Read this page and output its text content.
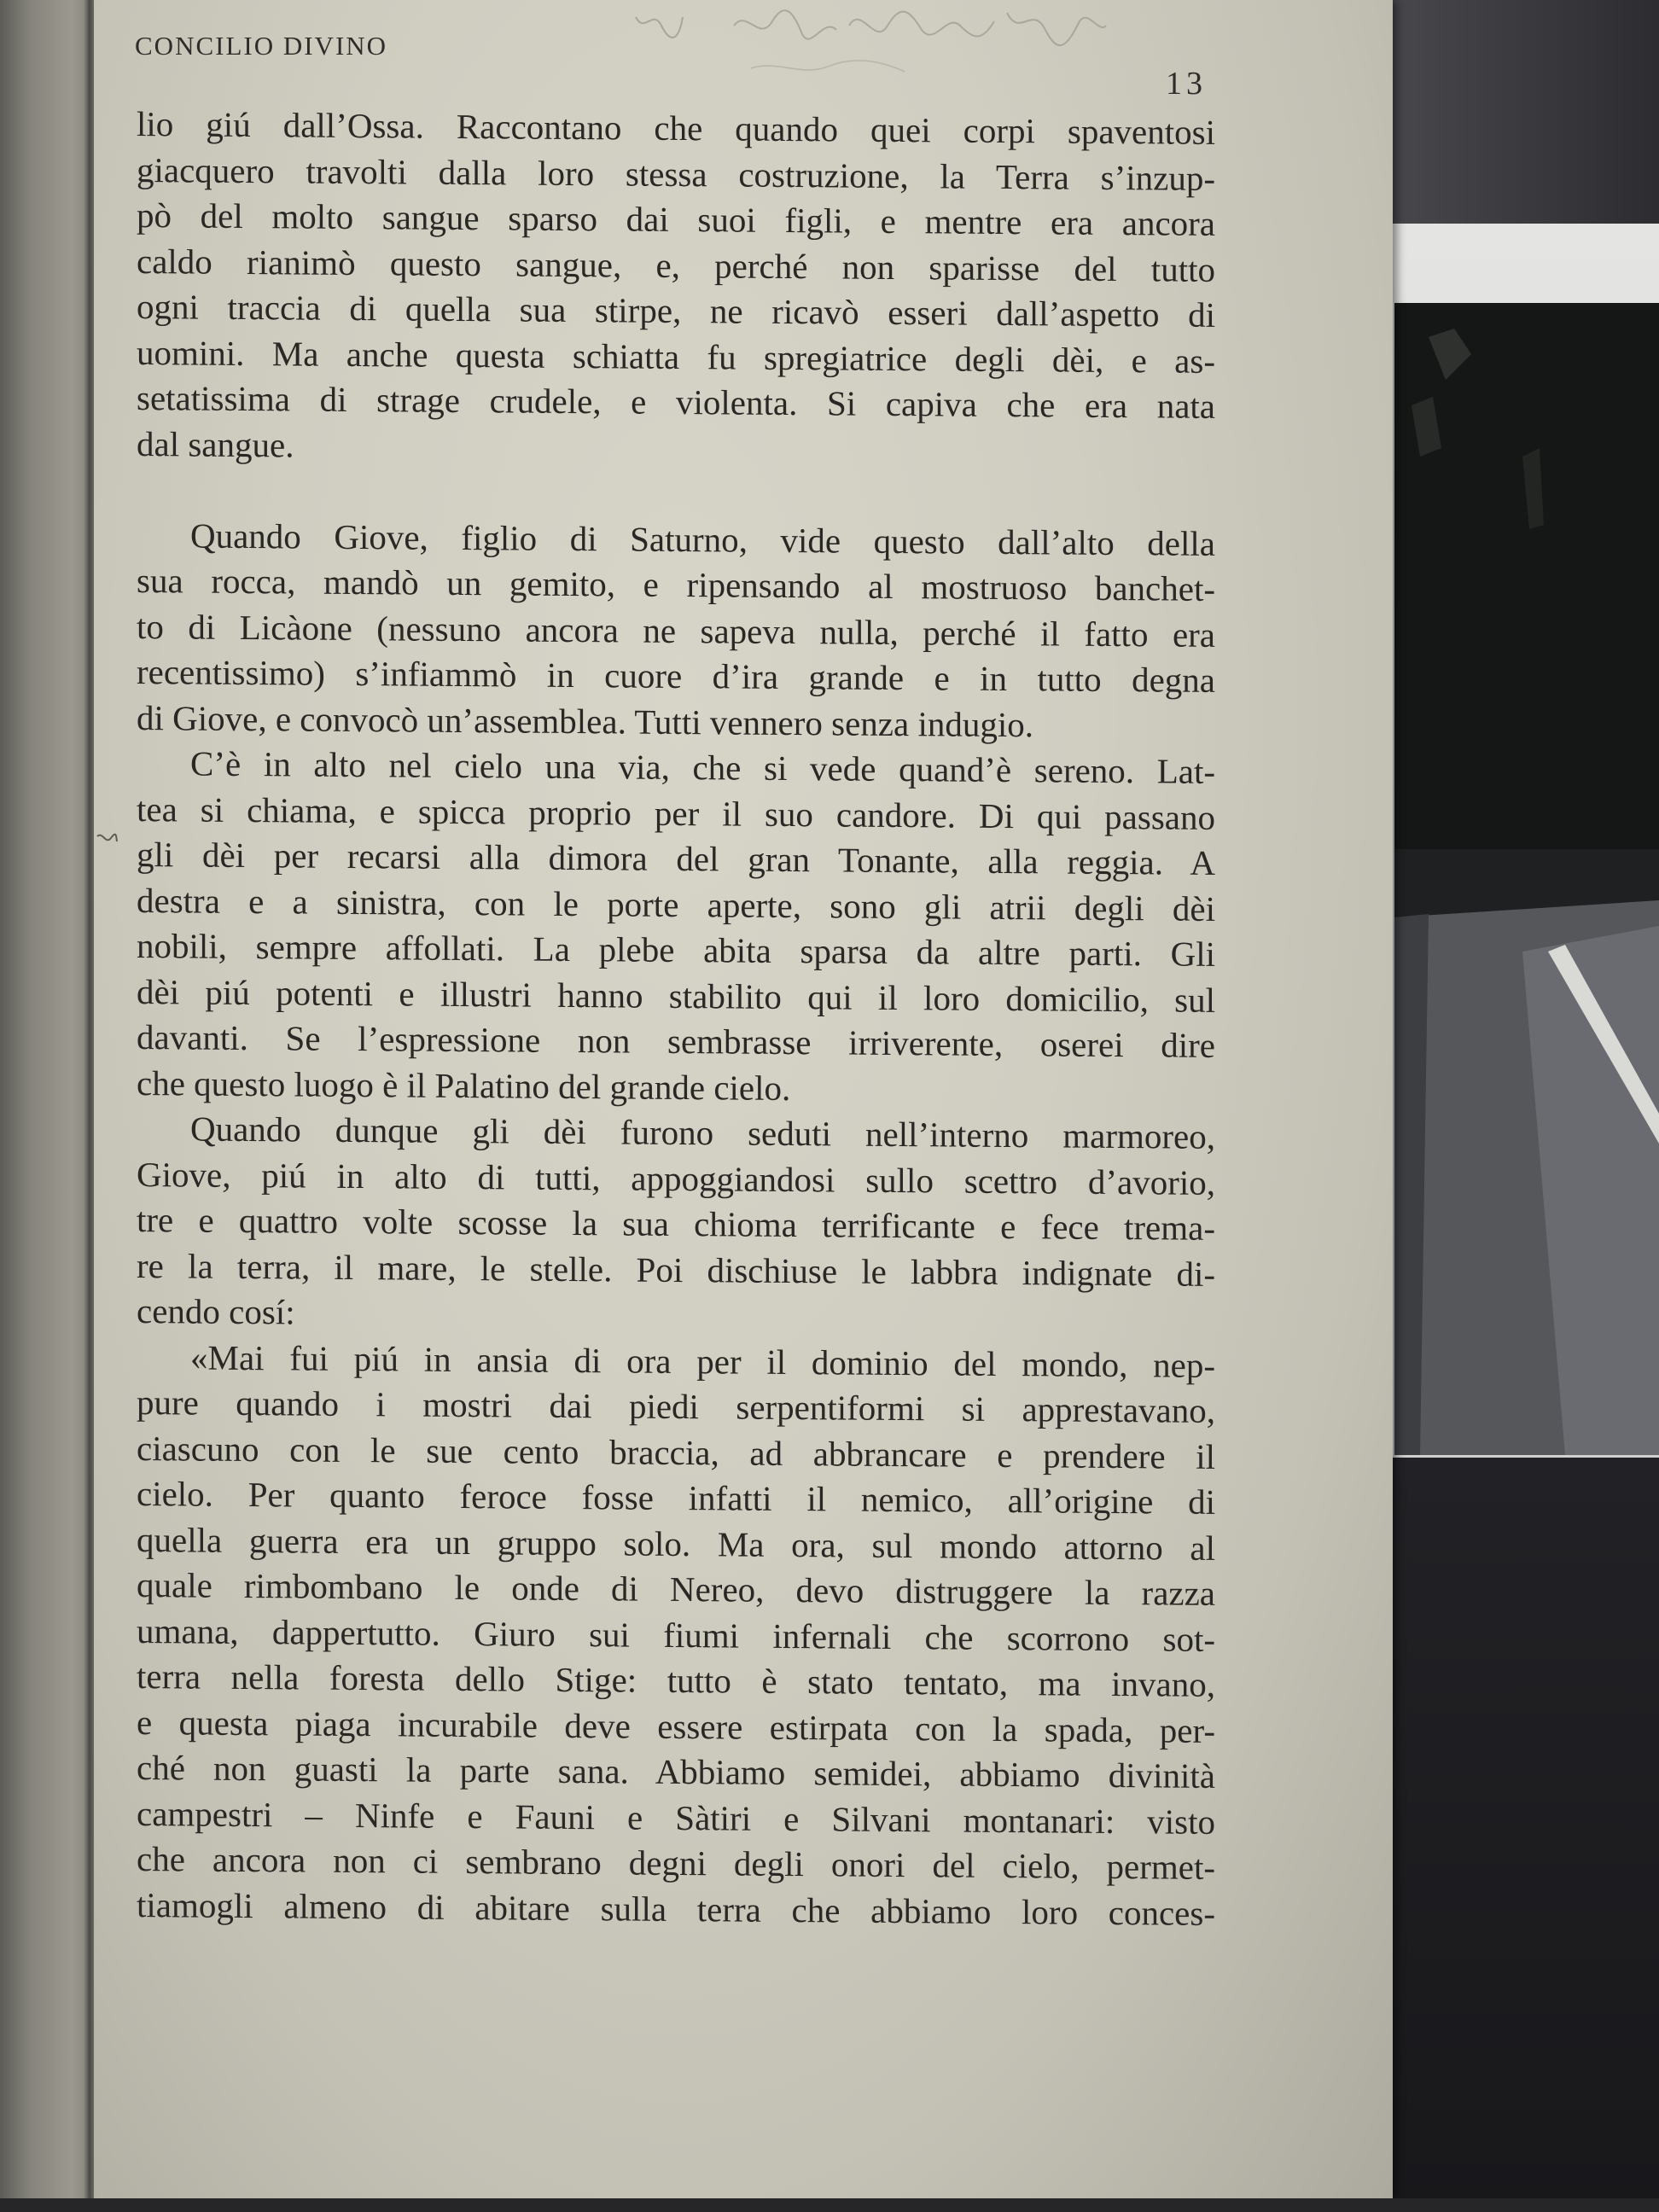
CONCILIO DIVINO
13
lio giú dall’Ossa. Raccontano che quando quei corpi spaventosi
giacquero travolti dalla loro stessa costruzione, la Terra s’inzup-
pò del molto sangue sparso dai suoi figli, e mentre era ancora
caldo rianimò questo sangue, e, perché non sparisse del tutto
ogni traccia di quella sua stirpe, ne ricavò esseri dall’aspetto di
uomini. Ma anche questa schiatta fu spregiatrice degli dèi, e as-
setatissima di strage crudele, e violenta. Si capiva che era nata
dal sangue.
Quando Giove, figlio di Saturno, vide questo dall’alto della
sua rocca, mandò un gemito, e ripensando al mostruoso banchet-
to di Licàone (nessuno ancora ne sapeva nulla, perché il fatto era
recentissimo) s’infiammò in cuore d’ira grande e in tutto degna
di Giove, e convocò un’assemblea. Tutti vennero senza indugio.
C’è in alto nel cielo una via, che si vede quand’è sereno. Lat-
tea si chiama, e spicca proprio per il suo candore. Di qui passano
gli dèi per recarsi alla dimora del gran Tonante, alla reggia. A
destra e a sinistra, con le porte aperte, sono gli atrii degli dèi
nobili, sempre affollati. La plebe abita sparsa da altre parti. Gli
dèi piú potenti e illustri hanno stabilito qui il loro domicilio, sul
davanti. Se l’espressione non sembrasse irriverente, oserei dire
che questo luogo è il Palatino del grande cielo.
Quando dunque gli dèi furono seduti nell’interno marmoreo,
Giove, piú in alto di tutti, appoggiandosi sullo scettro d’avorio,
tre e quattro volte scosse la sua chioma terrificante e fece trema-
re la terra, il mare, le stelle. Poi dischiuse le labbra indignate di-
cendo cosí:
«Mai fui piú in ansia di ora per il dominio del mondo, nep-
pure quando i mostri dai piedi serpentiformi si apprestavano,
ciascuno con le sue cento braccia, ad abbrancare e prendere il
cielo. Per quanto feroce fosse infatti il nemico, all’origine di
quella guerra era un gruppo solo. Ma ora, sul mondo attorno al
quale rimbombano le onde di Nereo, devo distruggere la razza
umana, dappertutto. Giuro sui fiumi infernali che scorrono sot-
terra nella foresta dello Stige: tutto è stato tentato, ma invano,
e questa piaga incurabile deve essere estirpata con la spada, per-
ché non guasti la parte sana. Abbiamo semidei, abbiamo divinità
campestri – Ninfe e Fauni e Sàtiri e Silvani montanari: visto
che ancora non ci sembrano degni degli onori del cielo, permet-
tiamogli almeno di abitare sulla terra che abbiamo loro conces-
